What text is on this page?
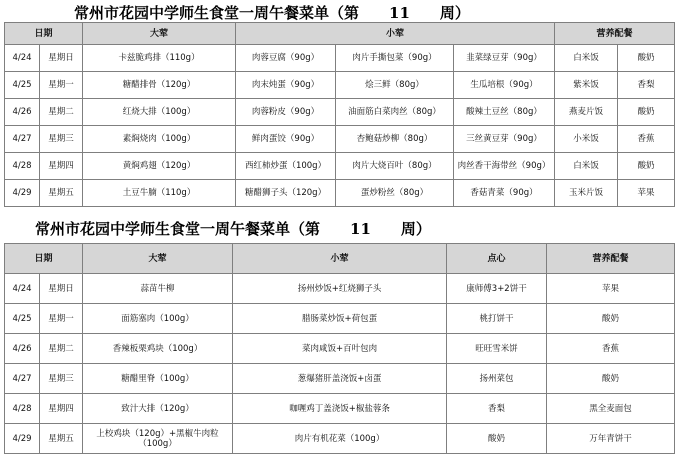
常州市花园中学师生食堂一周午餐菜单（第　　11　　周）
日期		大荤	小荤			营养配餐	
4/24	星期日	卡兹脆鸡排（110g）	肉蓉豆腐（90g）	肉片手撕包菜（90g）	韭菜绿豆芽（90g）	白米饭	酸奶
4/25	星期一	糖醋排骨（120g）	肉末炖蛋（90g）	烩三鲜（80g）	生瓜培根（90g）	紫米饭	香梨
4/26	星期二	红烧大排（100g）	肉蓉粉皮（90g）	油面筋白菜肉丝（80g）	酸辣土豆丝（80g）	燕麦片饭	酸奶
4/27	星期三	素焖烧肉（100g）	鲜肉蛋饺（90g）	杏鲍菇炒柳（80g）	三丝黄豆芽（90g）	小米饭	香蕉
4/28	星期四	黄焖鸡翅（120g）	西红柿炒蛋（100g）	肉片大烧百叶（80g）	肉丝香干海带丝（90g）	白米饭	酸奶
4/29	星期五	土豆牛腩（110g）	糖醋狮子头（120g）	蛋炒粉丝（80g）	香菇青菜（90g）	玉米片饭	苹果
常州市花园中学师生食堂一周午餐菜单（第　　11　　周）
日期		大荤	小荤	点心	营养配餐
4/24	星期日	蒜苗牛柳	扬州炒饭+红烧狮子头	康师傅3+2饼干	苹果
4/25	星期一	面筋塞肉（100g）	腊肠菜炒饭+荷包蛋	桃打饼干	酸奶
4/26	星期二	香辣板栗鸡块（100g）	菜肉咸饭+百叶包肉	旺旺雪米饼	香蕉
4/27	星期三	糖醋里脊（100g）	葱爆猪肝盖浇饭+卤蛋	扬州菜包	酸奶
4/28	星期四	致汁大排（120g）	咖喱鸡丁盖浇饭+椒盐蓉条	香梨	黑全麦面包
4/29	星期五	上校鸡块（120g）+黑椒牛肉粒（100g）	肉片有机花菜（100g）	酸奶	万年青饼干
